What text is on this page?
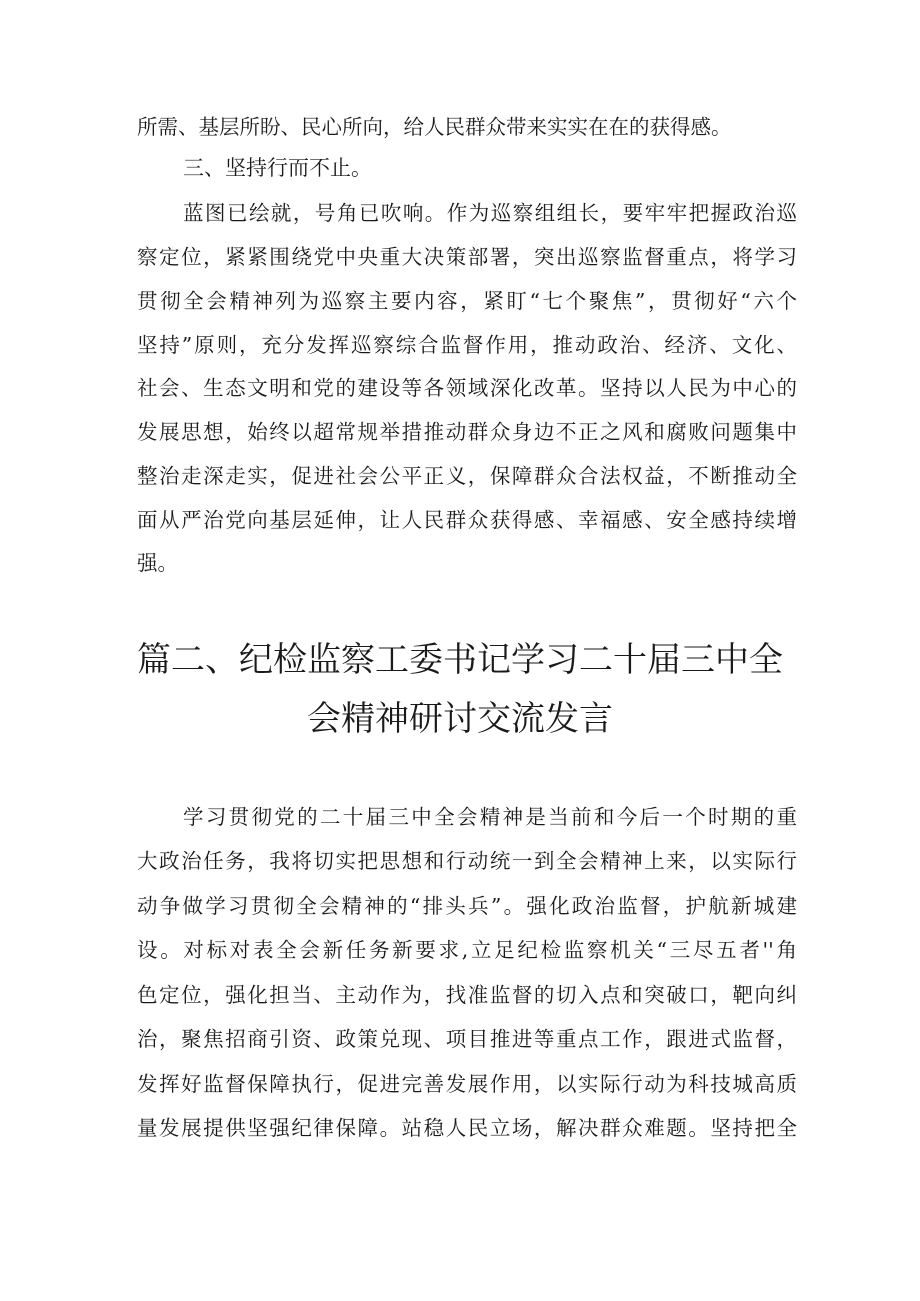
所需、基层所盼、民心所向，给人民群众带来实实在在的获得感。
三、坚持行而不止。
蓝图已绘就，号角已吹响。作为巡察组组长，要牢牢把握政治巡
察定位，紧紧围绕党中央重大决策部署，突出巡察监督重点，将学习
贯彻全会精神列为巡察主要内容，紧盯“七个聚焦”，贯彻好“六个
坚持”原则，充分发挥巡察综合监督作用，推动政治、经济、文化、
社会、生态文明和党的建设等各领域深化改革。坚持以人民为中心的
发展思想，始终以超常规举措推动群众身边不正之风和腐败问题集中
整治走深走实，促进社会公平正义，保障群众合法权益，不断推动全
面从严治党向基层延伸，让人民群众获得感、幸福感、安全感持续增
强。
篇二、纪检监察工委书记学习二十届三中全
会精神研讨交流发言
学习贯彻党的二十届三中全会精神是当前和今后一个时期的重
大政治任务，我将切实把思想和行动统一到全会精神上来，以实际行
动争做学习贯彻全会精神的“排头兵”。强化政治监督，护航新城建
设。对标对表全会新任务新要求,立足纪检监察机关“三尽五者''角
色定位，强化担当、主动作为，找准监督的切入点和突破口，靶向纠
治，聚焦招商引资、政策兑现、项目推进等重点工作，跟进式监督，
发挥好监督保障执行，促进完善发展作用，以实际行动为科技城高质
量发展提供坚强纪律保障。站稳人民立场，解决群众难题。坚持把全
